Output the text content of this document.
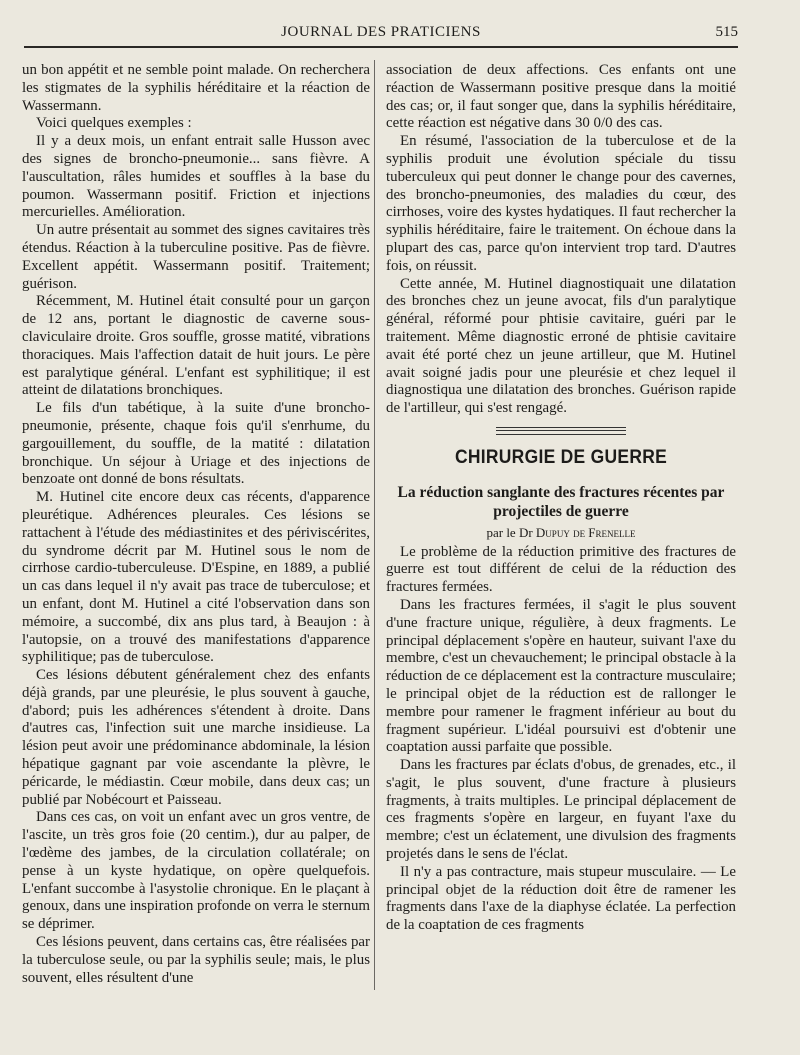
JOURNAL DES PRATICIENS	515

un bon appétit et ne semble point malade. On recherchera les stigmates de la syphilis héréditaire et la réaction de Wassermann.

Voici quelques exemples :

Il y a deux mois, un enfant entrait salle Husson avec des signes de broncho-pneumonie... sans fièvre. A l'auscultation, râles humides et souffles à la base du poumon. Wassermann positif. Friction et injections mercurielles. Amélioration.

Un autre présentait au sommet des signes cavitaires très étendus. Réaction à la tuberculine positive. Pas de fièvre. Excellent appétit. Wassermann positif. Traitement; guérison.

Récemment, M. Hutinel était consulté pour un garçon de 12 ans, portant le diagnostic de caverne sous-claviculaire droite. Gros souffle, grosse matité, vibrations thoraciques. Mais l'affection datait de huit jours. Le père est paralytique général. L'enfant est syphilitique; il est atteint de dilatations bronchiques.

Le fils d'un tabétique, à la suite d'une broncho-pneumonie, présente, chaque fois qu'il s'enrhume, du gargouillement, du souffle, de la matité : dilatation bronchique. Un séjour à Uriage et des injections de benzoate ont donné de bons résultats.

M. Hutinel cite encore deux cas récents, d'apparence pleurétique. Adhérences pleurales. Ces lésions se rattachent à l'étude des médiastinites et des périviscérites, du syndrome décrit par M. Hutinel sous le nom de cirrhose cardio-tuberculeuse. D'Espine, en 1889, a publié un cas dans lequel il n'y avait pas trace de tuberculose; et un enfant, dont M. Hutinel a cité l'observation dans son mémoire, a succombé, dix ans plus tard, à Beaujon : à l'autopsie, on a trouvé des manifestations d'apparence syphilitique; pas de tuberculose.

Ces lésions débutent généralement chez des enfants déjà grands, par une pleurésie, le plus souvent à gauche, d'abord; puis les adhérences s'étendent à droite. Dans d'autres cas, l'infection suit une marche insidieuse. La lésion peut avoir une prédominance abdominale, la lésion hépatique gagnant par voie ascendante la plèvre, le péricarde, le médiastin. Cœur mobile, dans deux cas; un publié par Nobécourt et Paisseau.

Dans ces cas, on voit un enfant avec un gros ventre, de l'ascite, un très gros foie (20 centim.), dur au palper, de l'œdème des jambes, de la circulation collatérale; on pense à un kyste hydatique, on opère quelquefois. L'enfant succombe à l'asystolie chronique. En le plaçant à genoux, dans une inspiration profonde on verra le sternum se déprimer.

Ces lésions peuvent, dans certains cas, être réalisées par la tuberculose seule, ou par la syphilis seule; mais, le plus souvent, elles résultent d'une

association de deux affections. Ces enfants ont une réaction de Wassermann positive presque dans la moitié des cas; or, il faut songer que, dans la syphilis héréditaire, cette réaction est négative dans 30 0/0 des cas.

En résumé, l'association de la tuberculose et de la syphilis produit une évolution spéciale du tissu tuberculeux qui peut donner le change pour des cavernes, des broncho-pneumonies, des maladies du cœur, des cirrhoses, voire des kystes hydatiques. Il faut rechercher la syphilis héréditaire, faire le traitement. On échoue dans la plupart des cas, parce qu'on intervient trop tard. D'autres fois, on réussit.

Cette année, M. Hutinel diagnostiquait une dilatation des bronches chez un jeune avocat, fils d'un paralytique général, réformé pour phtisie cavitaire, guéri par le traitement. Même diagnostic erroné de phtisie cavitaire avait été porté chez un jeune artilleur, que M. Hutinel avait soigné jadis pour une pleurésie et chez lequel il diagnostiqua une dilatation des bronches. Guérison rapide de l'artilleur, qui s'est rengagé.

CHIRURGIE DE GUERRE
La réduction sanglante des fractures récentes par projectiles de guerre
par le Dr Dupuy de Frenelle

Le problème de la réduction primitive des fractures de guerre est tout différent de celui de la réduction des fractures fermées.

Dans les fractures fermées, il s'agit le plus souvent d'une fracture unique, régulière, à deux fragments. Le principal déplacement s'opère en hauteur, suivant l'axe du membre, c'est un chevauchement; le principal obstacle à la réduction de ce déplacement est la contracture musculaire; le principal objet de la réduction est de rallonger le membre pour ramener le fragment inférieur au bout du fragment supérieur. L'idéal poursuivi est d'obtenir une coaptation aussi parfaite que possible.

Dans les fractures par éclats d'obus, de grenades, etc., il s'agit, le plus souvent, d'une fracture à plusieurs fragments, à traits multiples. Le principal déplacement de ces fragments s'opère en largeur, en fuyant l'axe du membre; c'est un éclatement, une divulsion des fragments projetés dans le sens de l'éclat.

Il n'y a pas contracture, mais stupeur musculaire. — Le principal objet de la réduction doit être de ramener les fragments dans l'axe de la diaphyse éclatée. La perfection de la coaptation de ces fragments
